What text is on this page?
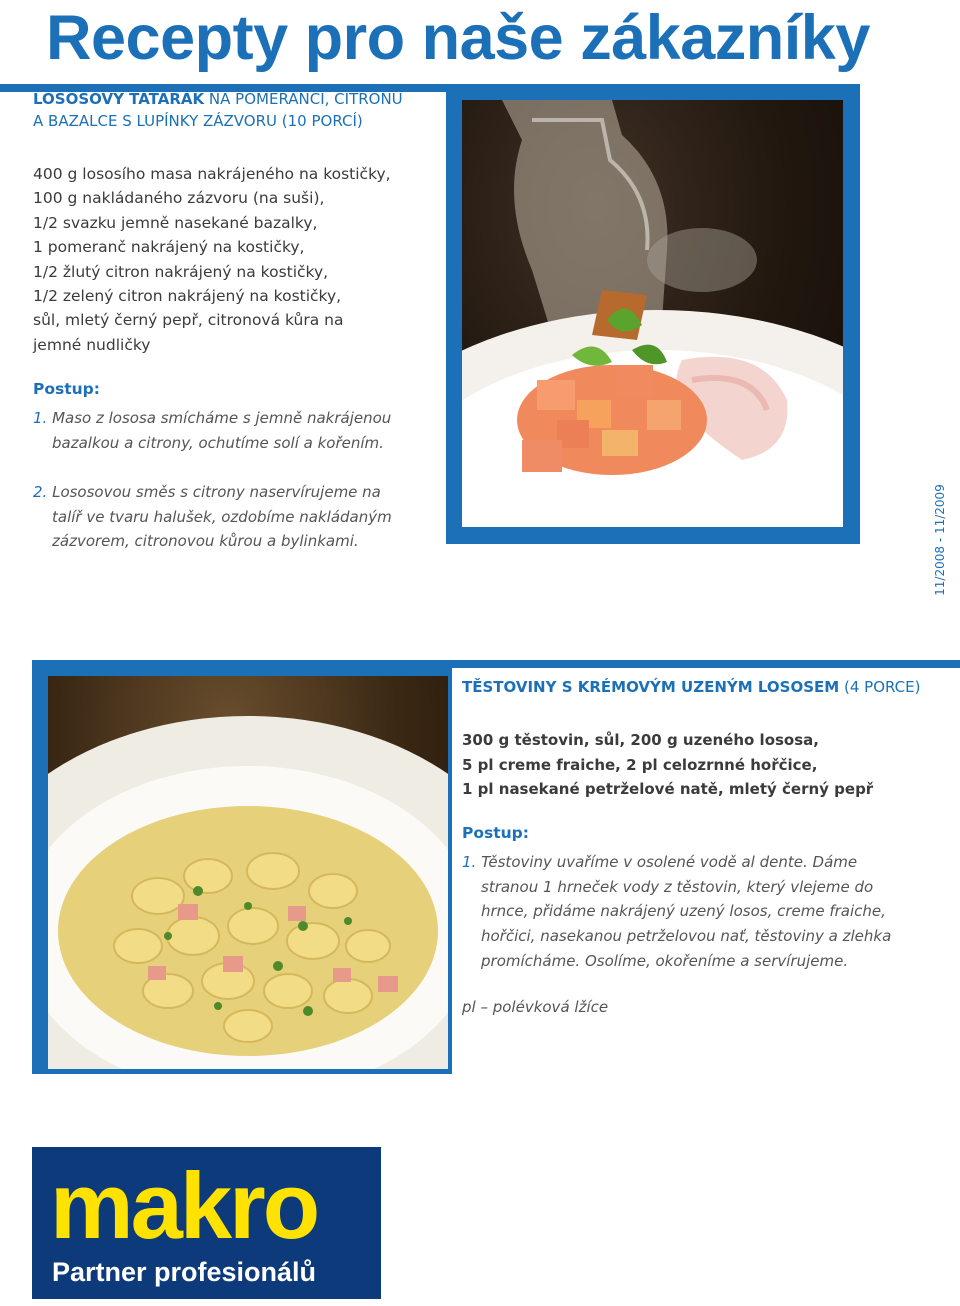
Recepty pro naše zákazníky
LOSOSOVÝ TATARÁK NA POMERANČI, CITRONU
A BAZALCE S LUPÍNKY ZÁZVORU (10 PORCÍ)
400 g lososího masa nakrájeného na kostičky,
100 g nakládaného zázvoru (na suši),
1/2 svazku jemně nasekané bazalky,
1 pomeranč nakrájený na kostičky,
1/2 žlutý citron nakrájený na kostičky,
1/2 zelený citron nakrájený na kostičky,
sůl, mletý černý pepř, citronová kůra na
jemné nudličky
Postup:
1. Maso z lososa smícháme s jemně nakrájenou
bazalkou a citrony, ochutíme solí a kořením.
2. Lososovou směs s citrony naservírujeme na
talíř ve tvaru halušek, ozdobíme nakládaným
zázvorem, citronovou kůrou a bylinkami.	11/2008 - 11/2009
TĚSTOVINY S KRÉMOVÝM UZENÝM LOSOSEM (4 PORCE)
300 g těstovin, sůl, 200 g uzeného lososa,
5 pl creme fraiche, 2 pl celozrnné hořčice,
1 pl nasekané petrželové natě, mletý černý pepř
Postup:
1. Těstoviny uvaříme v osolené vodě al dente. Dáme
stranou 1 hrneček vody z těstovin, který vlejeme do
hrnce, přidáme nakrájený uzený losos, creme fraiche,
hořčici, nasekanou petrželovou nať, těstoviny a zlehka
promícháme. Osolíme, okořeníme a servírujeme.
pl – polévková lžíce
makro
Partner profesionálů
